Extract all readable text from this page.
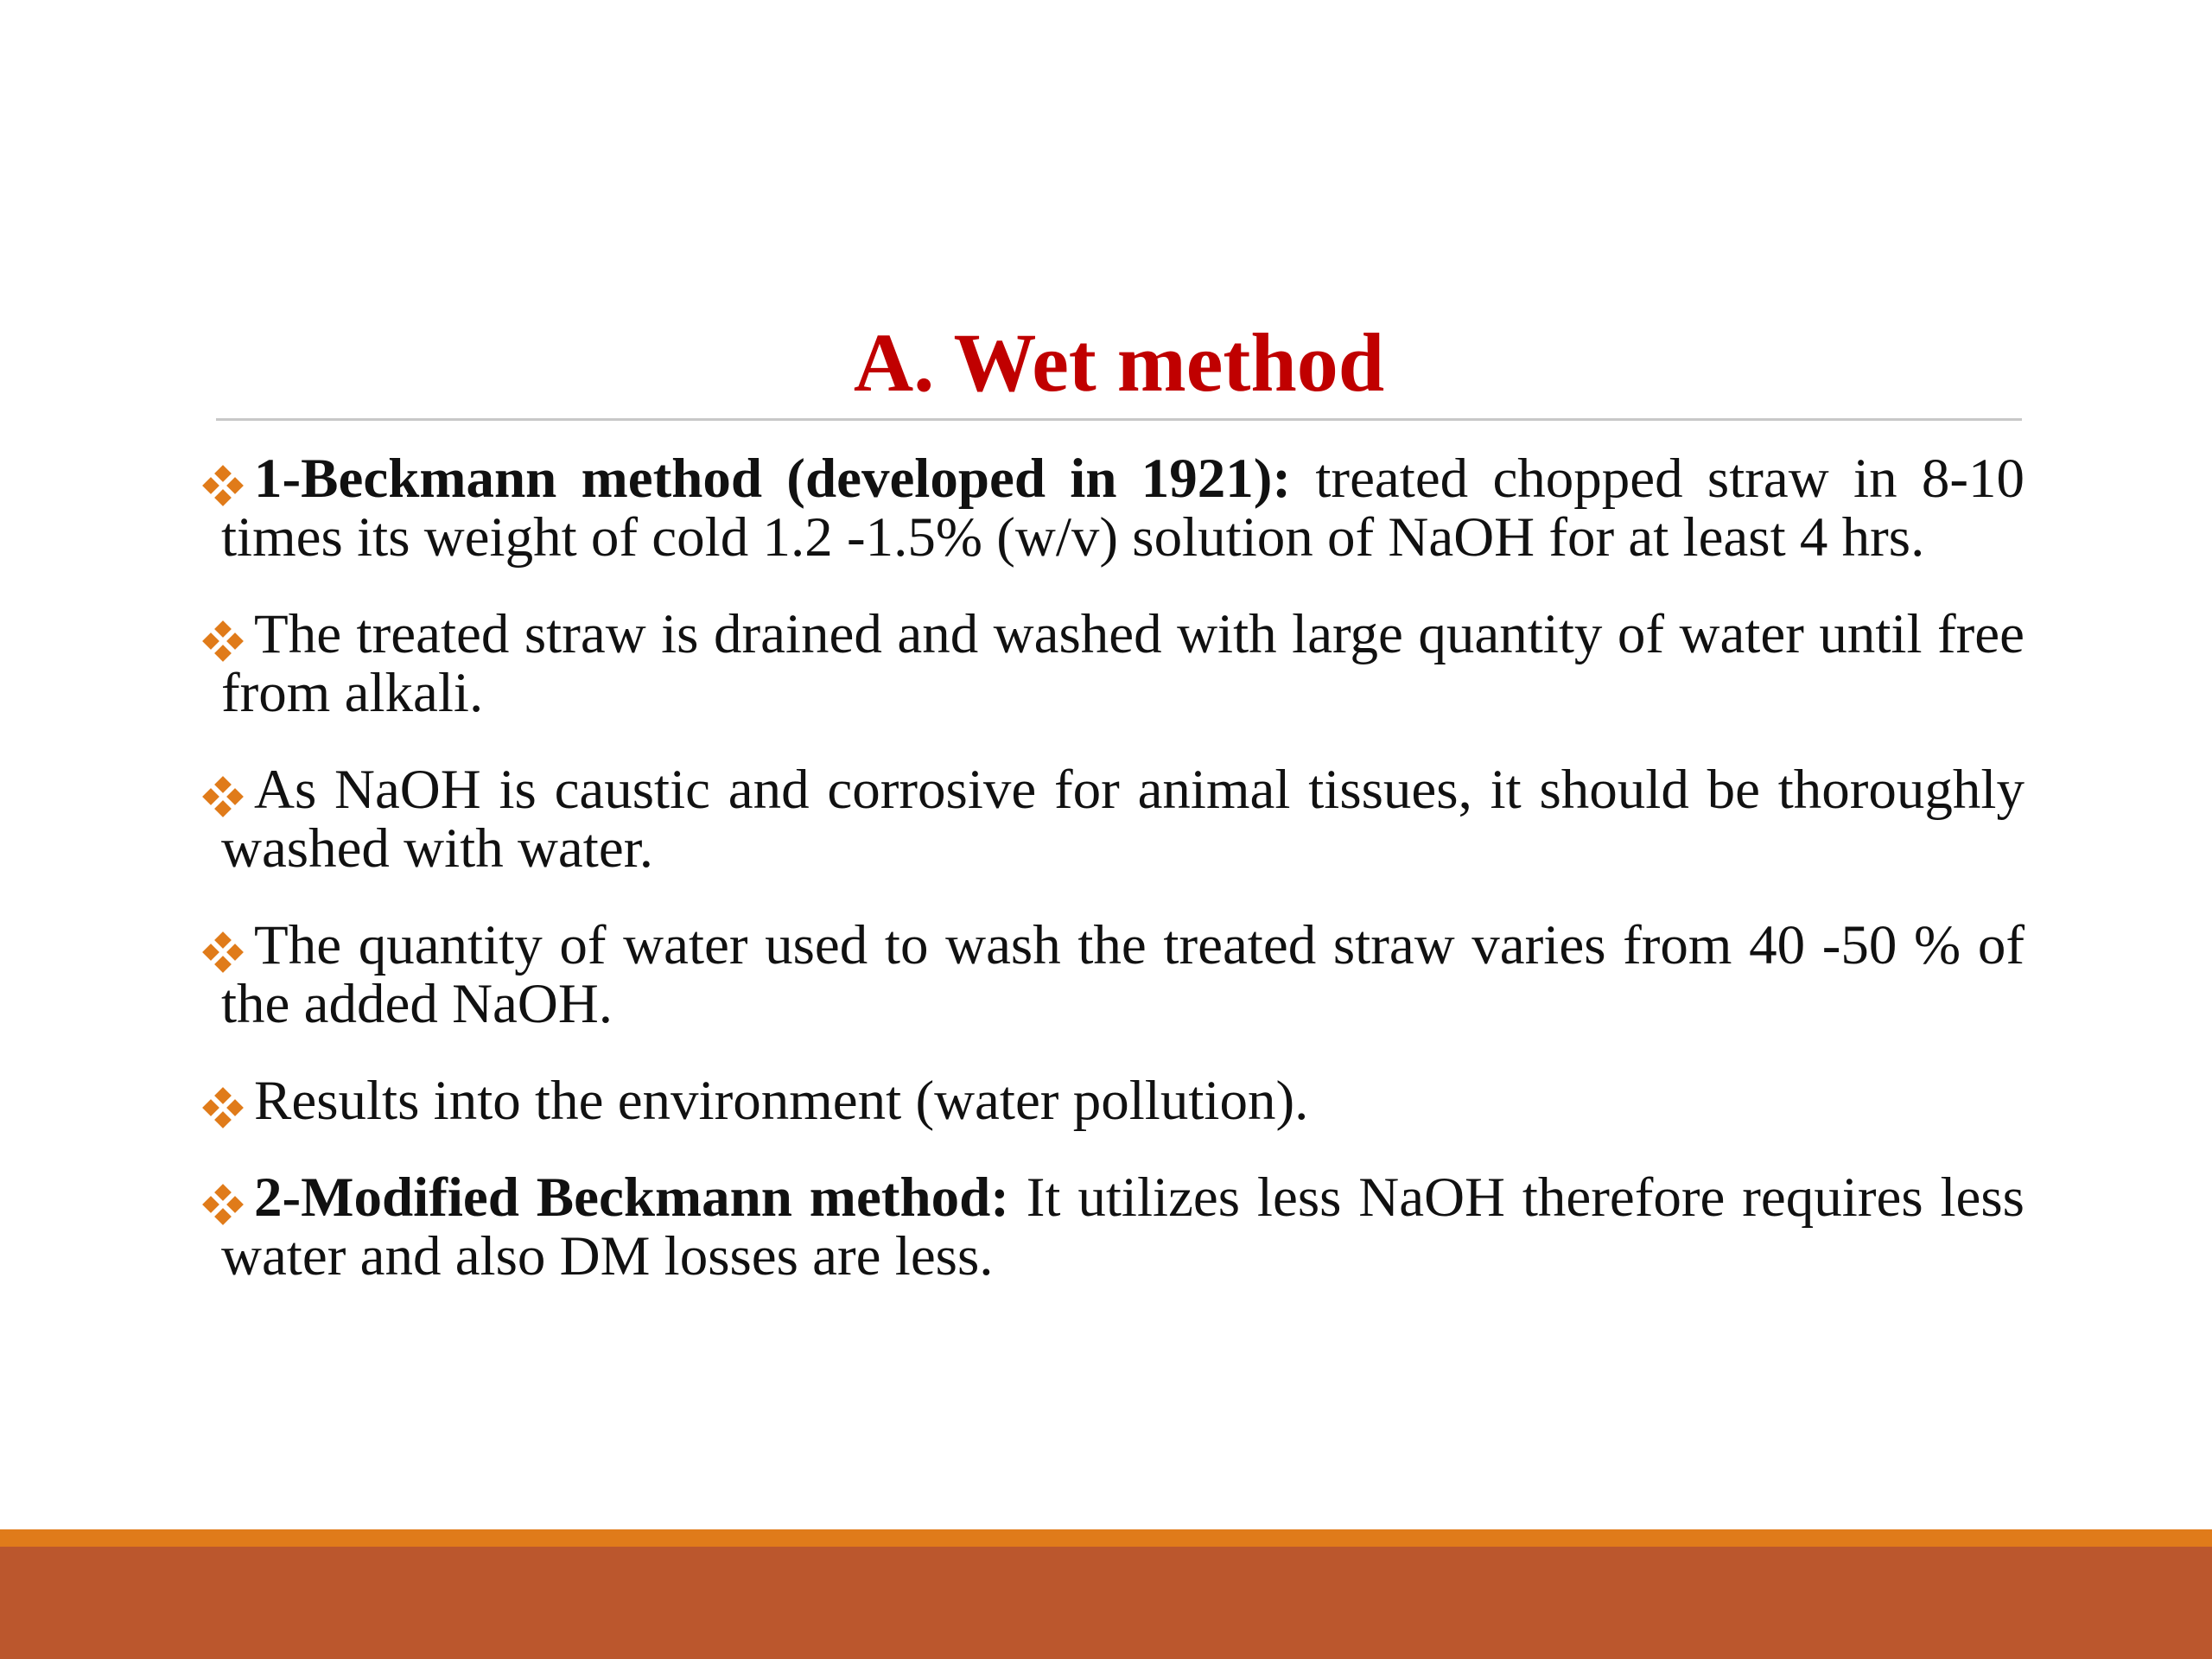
A. Wet method
1-Beckmann method (developed in 1921): treated chopped straw in 8-10 times its weight of cold 1.2 -1.5% (w/v) solution of NaOH for at least 4 hrs.
The treated straw is drained and washed with large quantity of water until free from alkali.
As NaOH is caustic and corrosive for animal tissues, it should be thoroughly washed with water.
The quantity of water used to wash the treated straw varies from 40 -50 % of the added NaOH.
Results into the environment (water pollution).
2-Modified Beckmann method: It utilizes less NaOH therefore requires less water and also DM losses are less.
